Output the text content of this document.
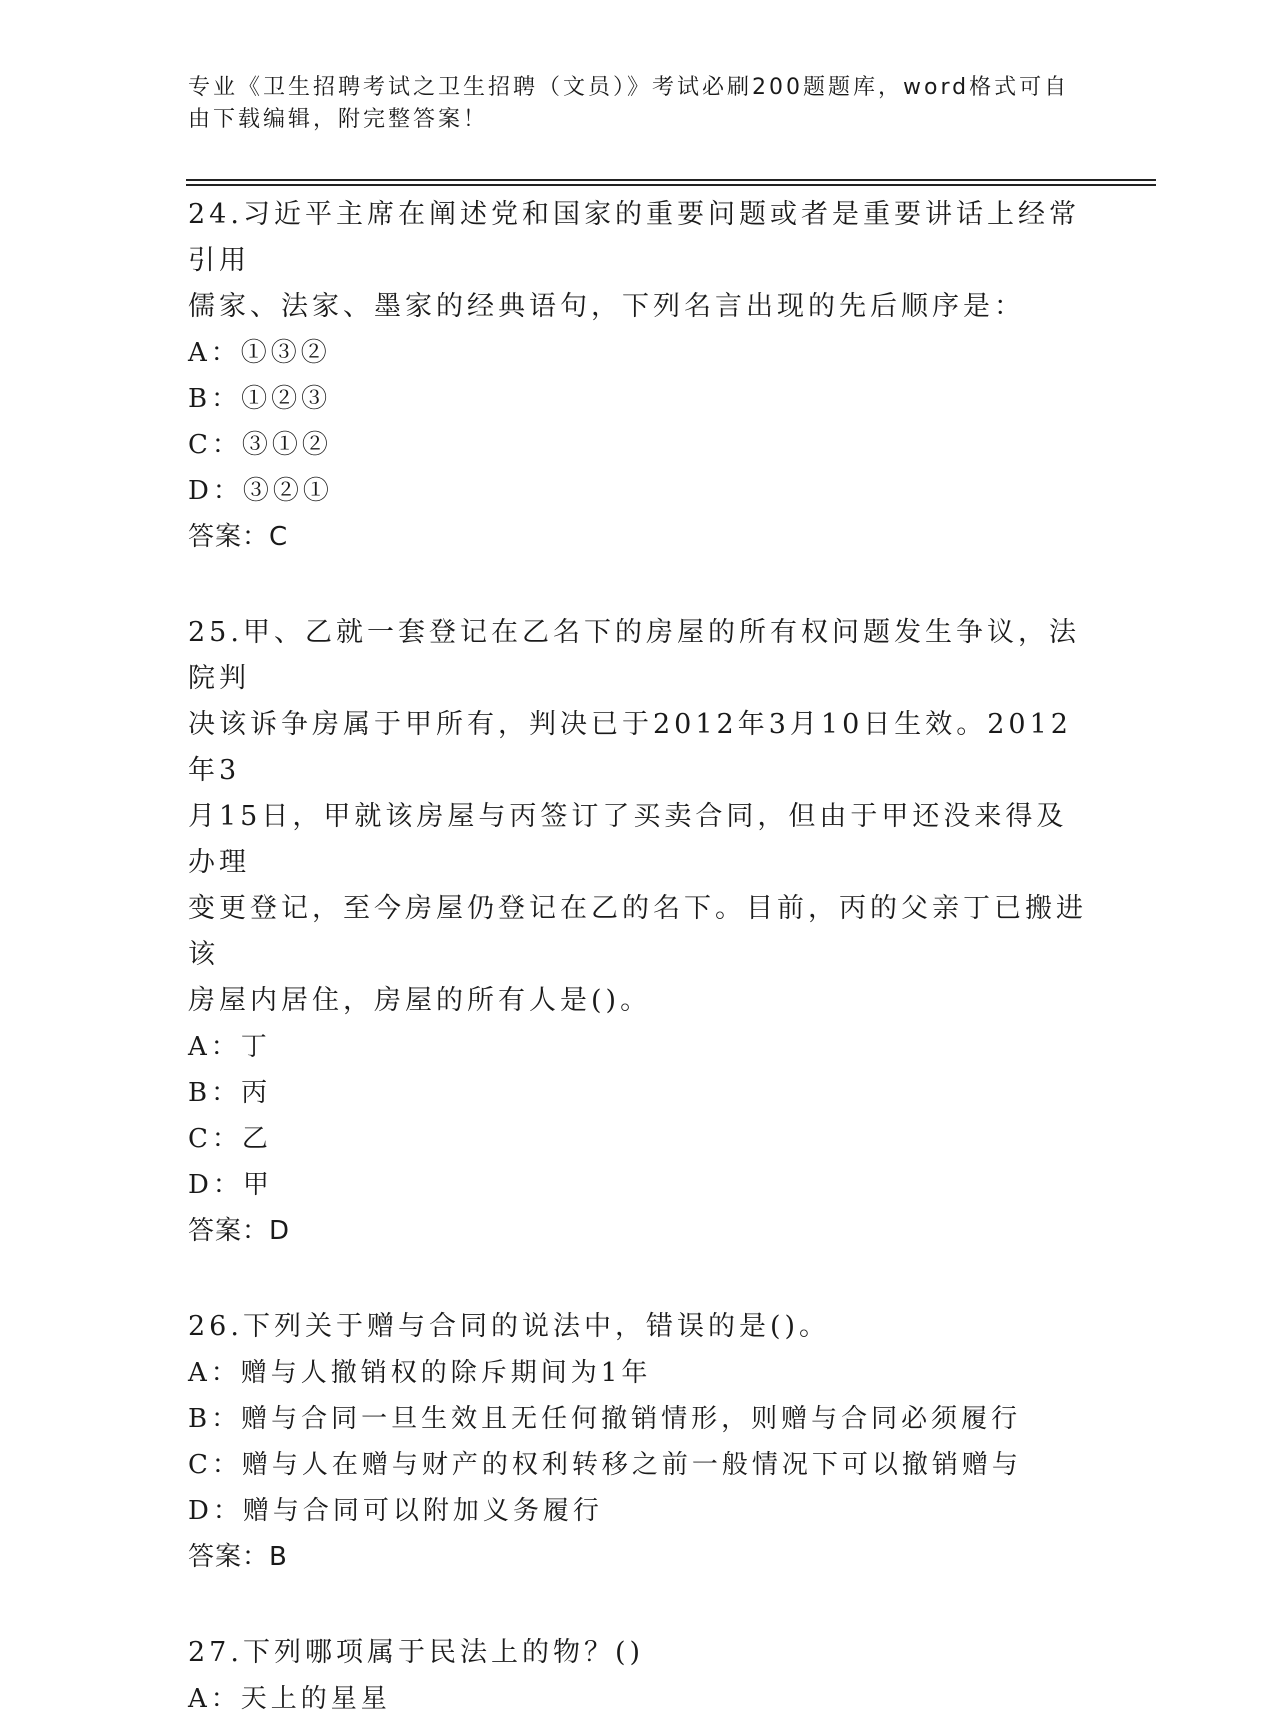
专业《卫生招聘考试之卫生招聘（文员）》考试必刷200题题库，word格式可自
由下载编辑，附完整答案！
24.习近平主席在阐述党和国家的重要问题或者是重要讲话上经常引用
儒家、法家、墨家的经典语句，下列名言出现的先后顺序是：
A：①③②
B：①②③
C：③①②
D：③②①
答案：C
25.甲、乙就一套登记在乙名下的房屋的所有权问题发生争议，法院判
决该诉争房属于甲所有，判决已于2012年3月10日生效。2012年3
月15日，甲就该房屋与丙签订了买卖合同，但由于甲还没来得及办理
变更登记，至今房屋仍登记在乙的名下。目前，丙的父亲丁已搬进该
房屋内居住，房屋的所有人是()。
A：丁
B：丙
C：乙
D：甲
答案：D
26.下列关于赠与合同的说法中，错误的是()。
A：赠与人撤销权的除斥期间为1年
B：赠与合同一旦生效且无任何撤销情形，则赠与合同必须履行
C：赠与人在赠与财产的权利转移之前一般情况下可以撤销赠与
D：赠与合同可以附加义务履行
答案：B
27.下列哪项属于民法上的物？()
A：天上的星星
